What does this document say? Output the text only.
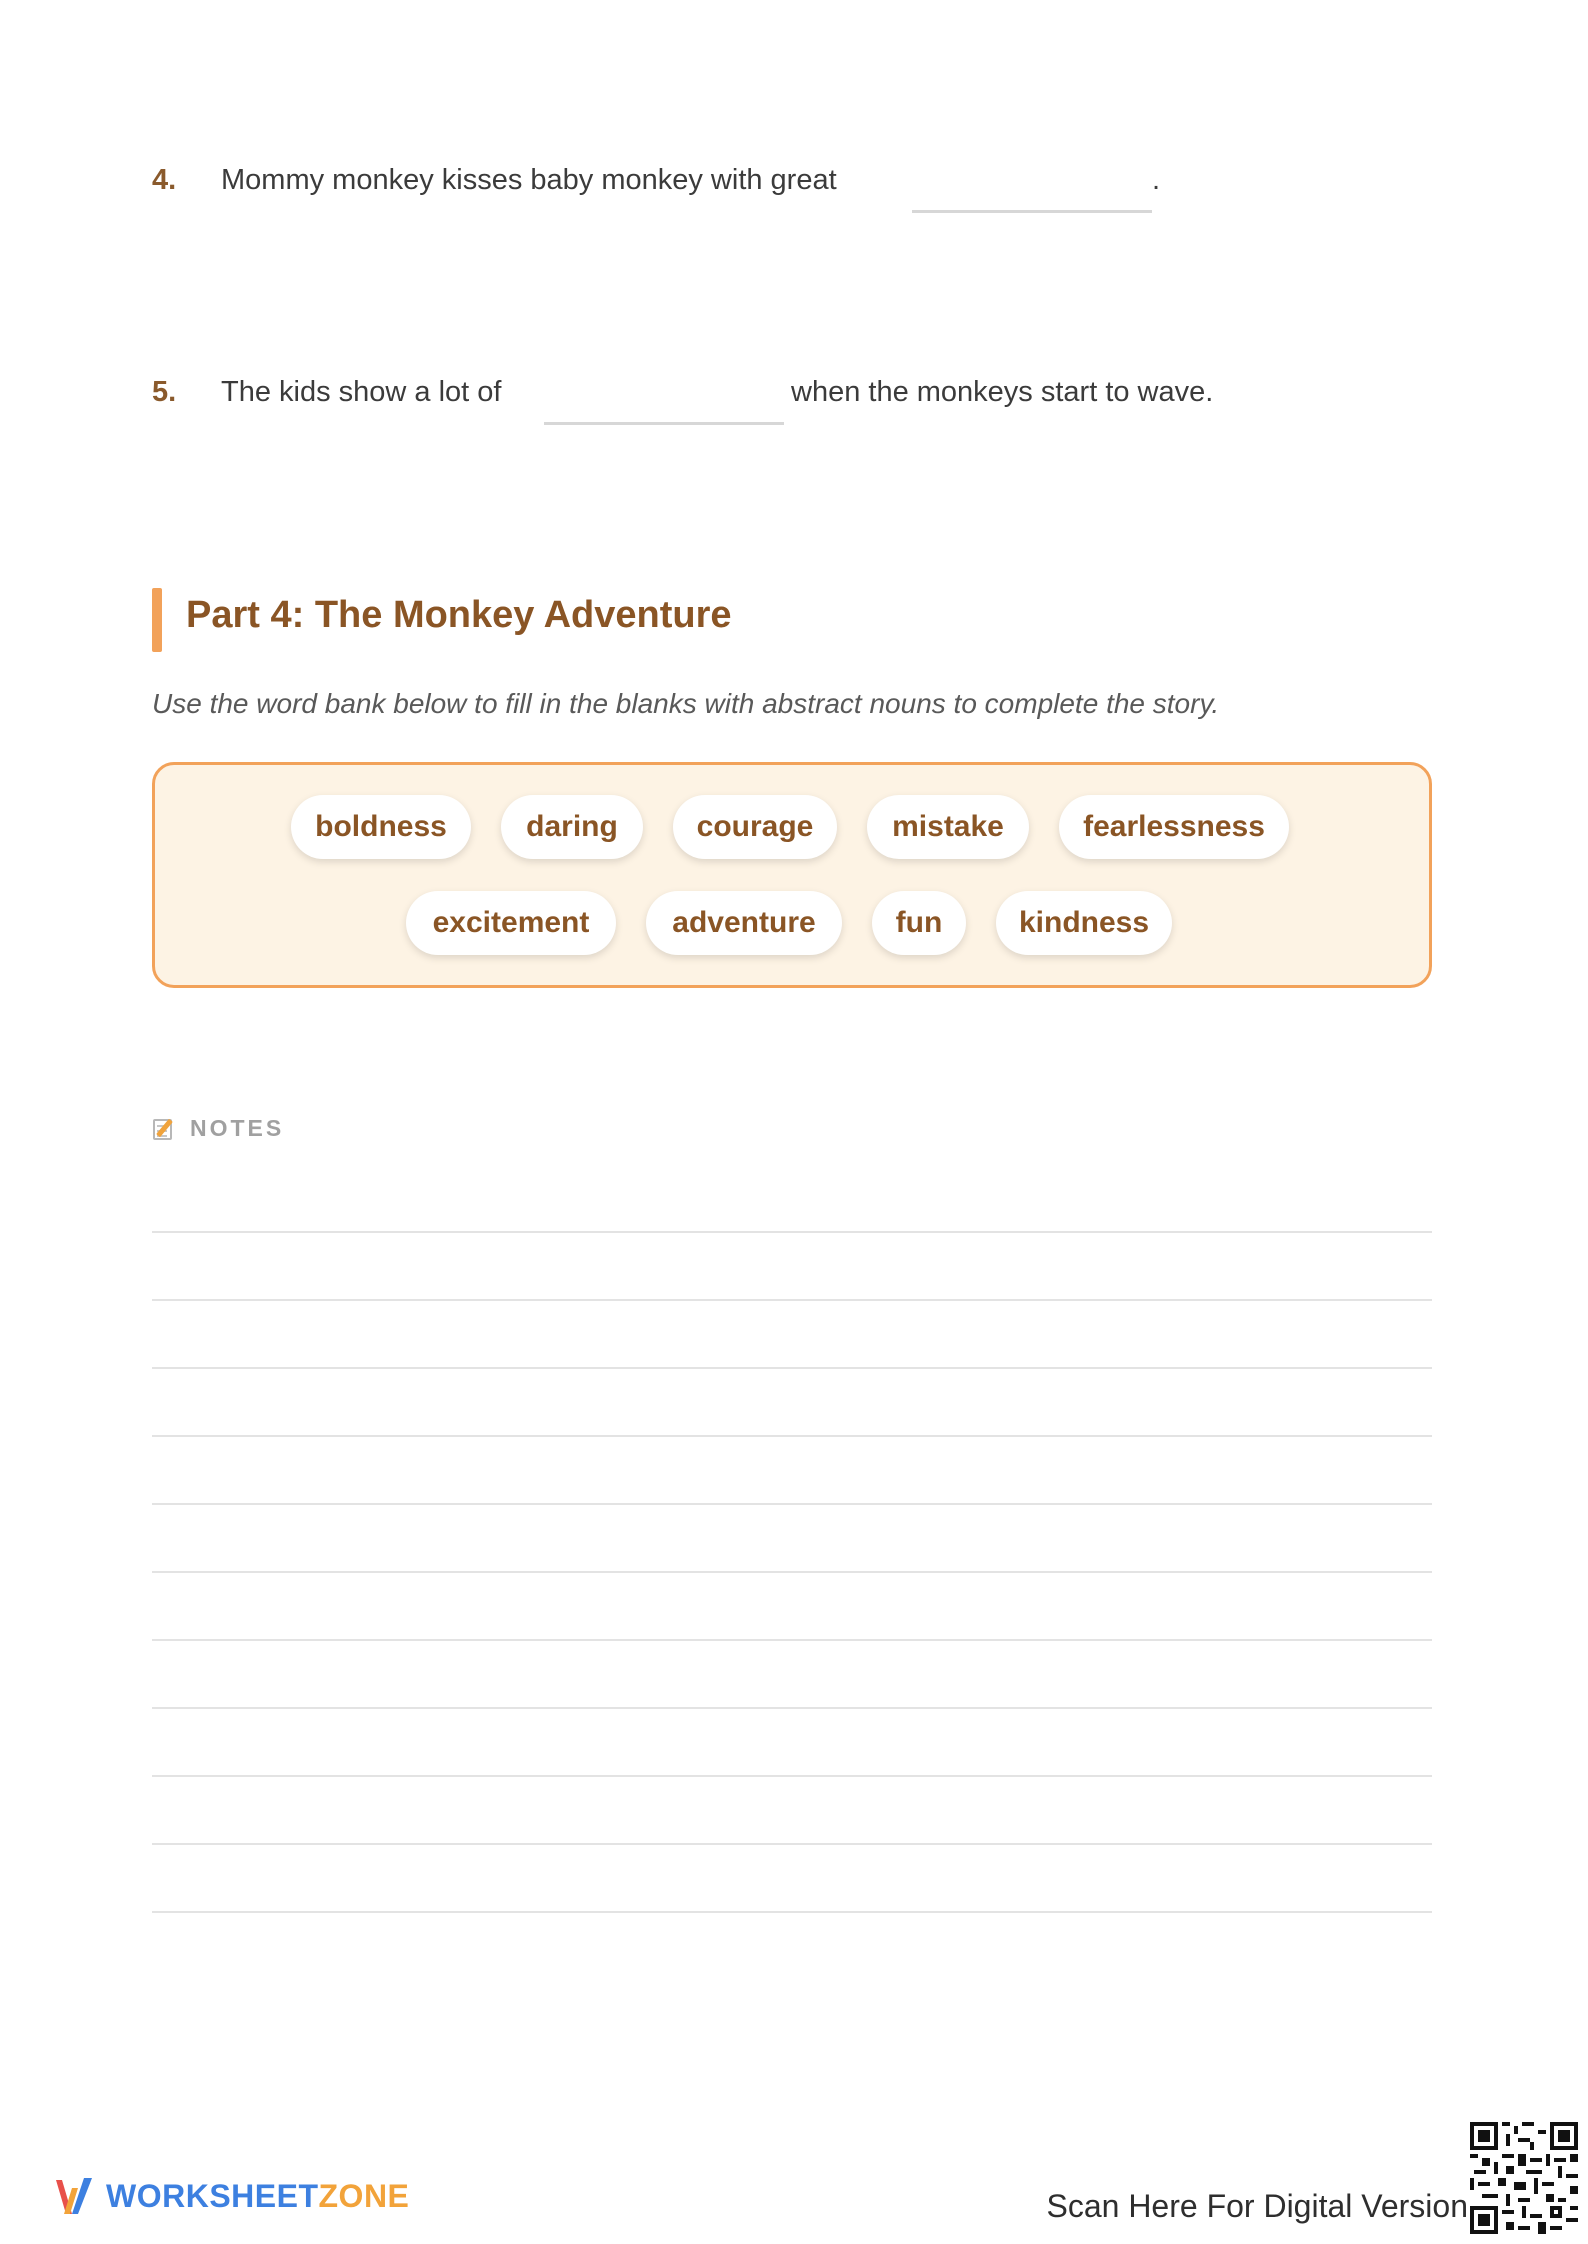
4. Mommy monkey kisses baby monkey with great	.
5. The kids show a lot of	when the monkeys start to wave.
Part 4: The Monkey Adventure
Use the word bank below to fill in the blanks with abstract nouns to complete the story.
boldness	daring	courage	mistake	fearlessness
excitement	adventure	fun	kindness
NOTES
WORKSHEETZONE	Scan Here For Digital Version
